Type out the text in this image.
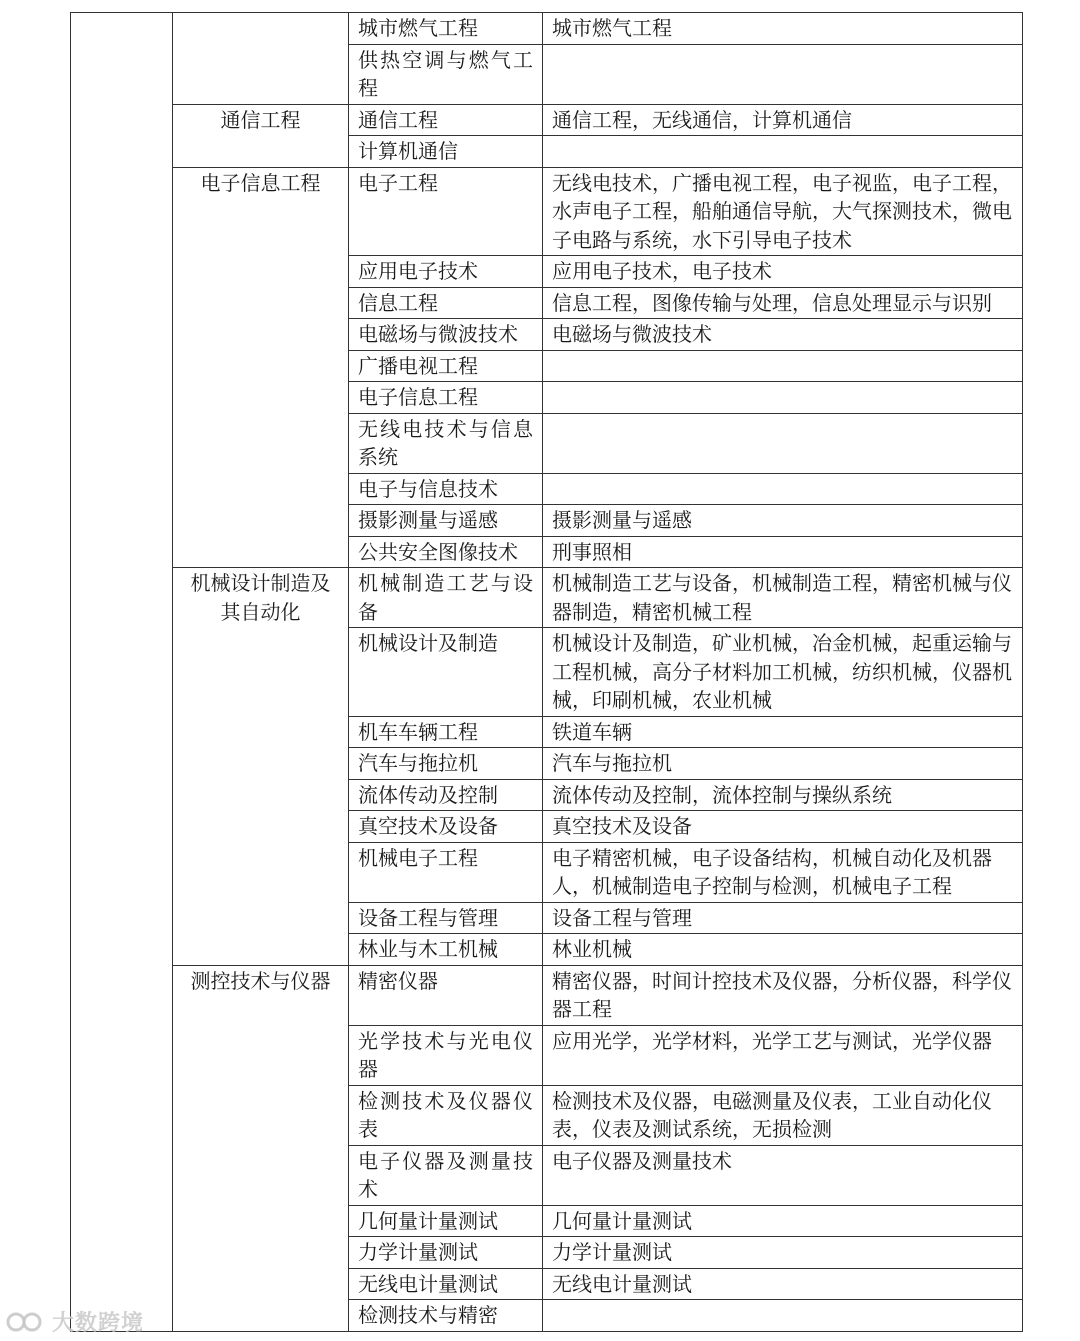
		城市燃气工程	城市燃气工程
		供热空调与燃气工程	
	通信工程	通信工程	通信工程，无线通信，计算机通信
		计算机通信	
	电子信息工程	电子工程	无线电技术，广播电视工程，电子视监，电子工程，水声电子工程，船舶通信导航，大气探测技术，微电子电路与系统，水下引导电子技术
		应用电子技术	应用电子技术，电子技术
		信息工程	信息工程，图像传输与处理，信息处理显示与识别
		电磁场与微波技术	电磁场与微波技术
		广播电视工程	
		电子信息工程	
		无线电技术与信息系统	
		电子与信息技术	
		摄影测量与遥感	摄影测量与遥感
		公共安全图像技术	刑事照相
	机械设计制造及其自动化	机械制造工艺与设备	机械制造工艺与设备，机械制造工程，精密机械与仪器制造，精密机械工程
		机械设计及制造	机械设计及制造，矿业机械，冶金机械，起重运输与工程机械，高分子材料加工机械，纺织机械，仪器机械，印刷机械，农业机械
		机车车辆工程	铁道车辆
		汽车与拖拉机	汽车与拖拉机
		流体传动及控制	流体传动及控制，流体控制与操纵系统
		真空技术及设备	真空技术及设备
		机械电子工程	电子精密机械，电子设备结构，机械自动化及机器人，机械制造电子控制与检测，机械电子工程
		设备工程与管理	设备工程与管理
		林业与木工机械	林业机械
	测控技术与仪器	精密仪器	精密仪器，时间计控技术及仪器，分析仪器，科学仪器工程
		光学技术与光电仪器	应用光学，光学材料，光学工艺与测试，光学仪器
		检测技术及仪器仪表	检测技术及仪器，电磁测量及仪表，工业自动化仪表，仪表及测试系统，无损检测
		电子仪器及测量技术	电子仪器及测量技术
		几何量计量测试	几何量计量测试
		力学计量测试	力学计量测试
		无线电计量测试	无线电计量测试
		检测技术与精密	
大数跨境
